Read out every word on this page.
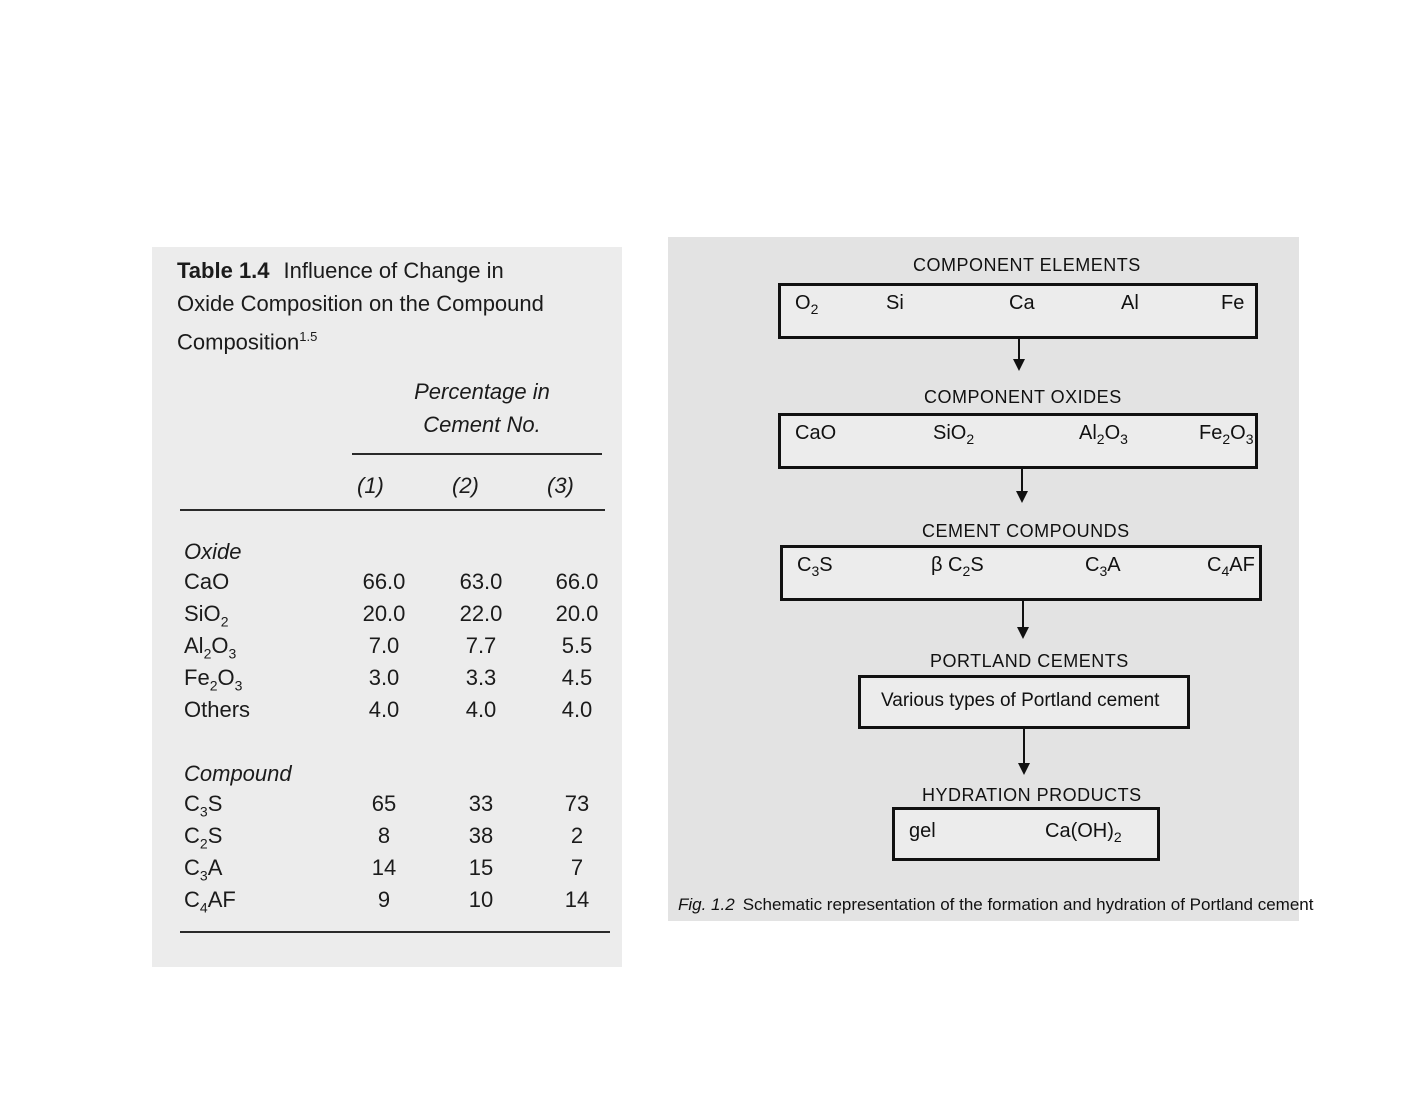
Table 1.4 Influence of Change in
Oxide Composition on the Compound
Composition$^{1.5}$
Percentage in
Cement No.
(1)	(2)	(3)
Oxide
CaO	66.0	63.0	66.0
SiO$_2$	20.0	22.0	20.0
$Al_2O_3$	7.0	7.7	5.5
$Fe_2O_3$	3.0	3.3	4.5
Others	4.0	4.0	4.0
Compound
$C_3S$	65	33	73
$C_2S$	8	38	2
$C_3A$	14	15	7
$C_4AF$	9	10	14
COMPONENT ELEMENTS
$O_2$	Si	Ca	Al	Fe
COMPONENT OXIDES
CaO	SiO$_2$	$Al_2O_3$	$Fe_2O_3$
CEMENT COMPOUNDS
$C_3S$	β $C_2S$	$C_3A$	$C_4AF$
PORTLAND CEMENTS
Various types of Portland cement
HYDRATION PRODUCTS
gel	$Ca(OH)_2$
Fig. 1.2 Schematic representation of the formation and hydration of Portland cement
